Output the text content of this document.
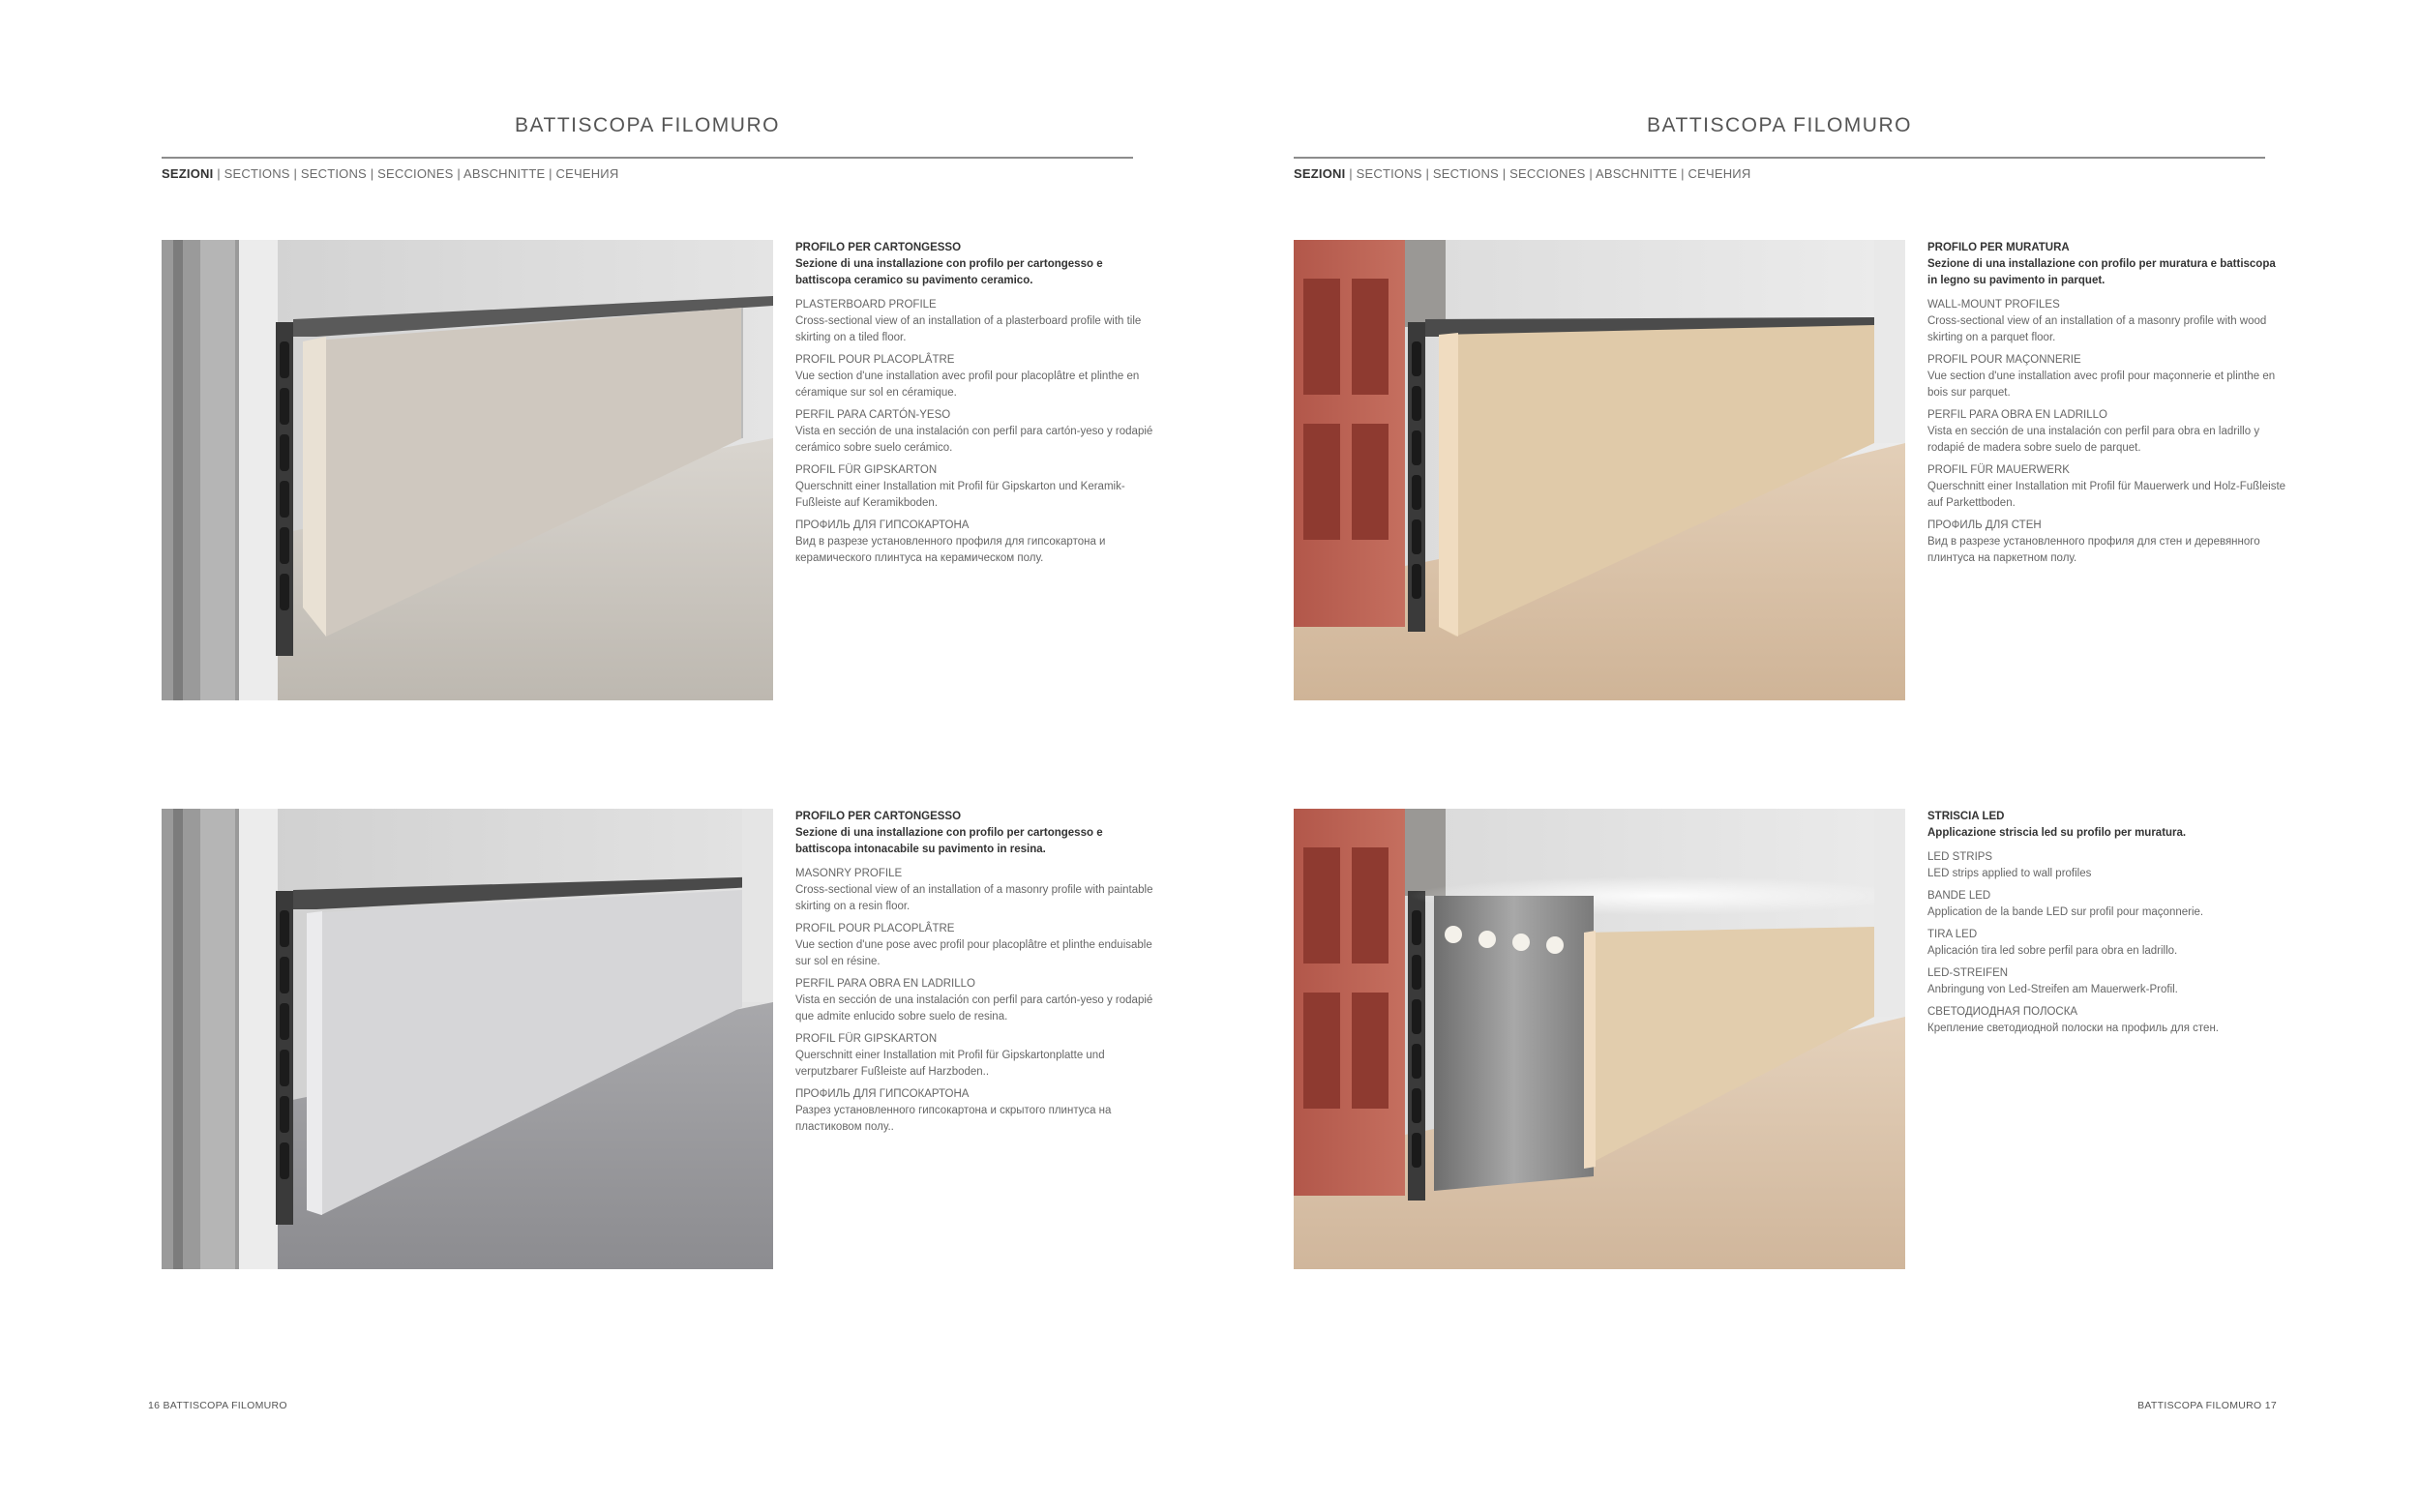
BATTISCOPA FILOMURO
SEZIONI | SECTIONS | SECTIONS | SECCIONES | ABSCHNITTE | СЕЧЕНИЯ
BATTISCOPA FILOMURO
SEZIONI | SECTIONS | SECTIONS | SECCIONES | ABSCHNITTE | СЕЧЕНИЯ
PROFILO PER CARTONGESSO
Sezione di una installazione con profilo per cartongesso e battiscopa ceramico su pavimento ceramico.
PLASTERBOARD PROFILE
Cross-sectional view of an installation of a plasterboard profile with tile skirting on a tiled floor.
PROFIL POUR PLACOPLÂTRE
Vue section d'une installation avec profil pour placoplâtre et plinthe en céramique sur sol en céramique.
PERFIL PARA CARTÓN-YESO
Vista en sección de una instalación con perfil para cartón-yeso y rodapié cerámico sobre suelo cerámico.
PROFIL FÜR GIPSKARTON
Querschnitt einer Installation mit Profil für Gipskarton und Keramik-Fußleiste auf Keramikboden.
ПРОФИЛЬ ДЛЯ ГИПСОКАРТОНА
Вид в разрезе установленного профиля для гипсокартона и керамического плинтуса на керамическом полу.
PROFILO PER MURATURA
Sezione di una installazione con profilo per muratura e battiscopa in legno su pavimento in parquet.
WALL-MOUNT PROFILES
Cross-sectional view of an installation of a masonry profile with wood skirting on a parquet floor.
PROFIL POUR MAÇONNERIE
Vue section d'une installation avec profil pour maçonnerie et plinthe en bois sur parquet.
PERFIL PARA OBRA EN LADRILLO
Vista en sección de una instalación con perfil para obra en ladrillo y rodapié de madera sobre suelo de parquet.
PROFIL FÜR MAUERWERK
Querschnitt einer Installation mit Profil für Mauerwerk und Holz-Fußleiste auf Parkettboden.
ПРОФИЛЬ ДЛЯ СТЕН
Вид в разрезе установленного профиля для стен и деревянного плинтуса на паркетном полу.
PROFILO PER CARTONGESSO
Sezione di una installazione con profilo per cartongesso e battiscopa intonacabile su pavimento in resina.
MASONRY PROFILE
Cross-sectional view of an installation of a masonry profile with paintable skirting on a resin floor.
PROFIL POUR PLACOPLÂTRE
Vue section d'une pose avec profil pour placoplâtre et plinthe enduisable sur sol en résine.
PERFIL PARA OBRA EN LADRILLO
Vista en sección de una instalación con perfil para cartón-yeso y rodapié que admite enlucido sobre suelo de resina.
PROFIL FÜR GIPSKARTON
Querschnitt einer Installation mit Profil für Gipskartonplatte und verputzbarer Fußleiste auf Harzboden..
ПРОФИЛЬ ДЛЯ ГИПСОКАРТОНА
Разрез установленного гипсокартона и скрытого плинтуса на пластиковом полу..
STRISCIA LED
Applicazione striscia led su profilo per muratura.
LED STRIPS
LED strips applied to wall profiles
BANDE LED
Application de la bande LED sur profil pour maçonnerie.
TIRA LED
Aplicación tira led sobre perfil para obra en ladrillo.
LED-STREIFEN
Anbringung von Led-Streifen am Mauerwerk-Profil.
СВЕТОДИОДНАЯ ПОЛОСКА
Крепление светодиодной полоски на профиль для стен.
16 BATTISCOPA FILOMURO	BATTISCOPA FILOMURO 17
